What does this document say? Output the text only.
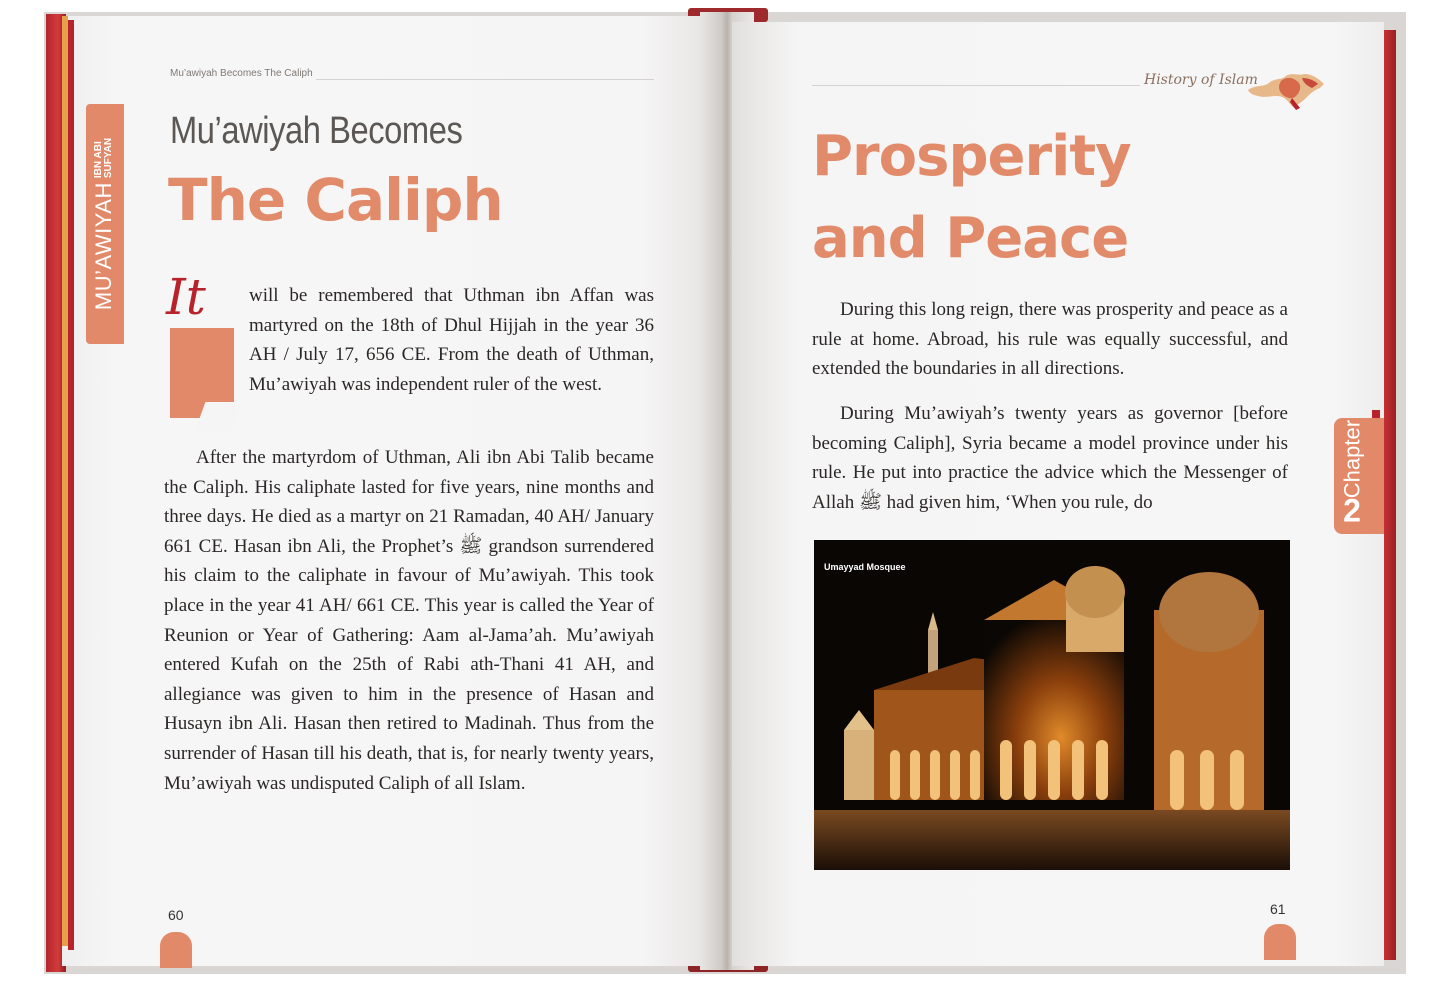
MU’AWIYAH
IBN ABI SUFYAN
Mu’awiyah Becomes The Caliph
Mu’awiyah Becomes
The Caliph
It will be remembered that Uthman ibn Affan was martyred on the 18th of Dhul Hijjah in the year 36 AH / July 17, 656 CE. From the death of Uthman, Mu’awiyah was independent ruler of the west.

After the martyrdom of Uthman, Ali ibn Abi Talib became the Caliph. His caliphate lasted for five years, nine months and three days. He died as a martyr on 21 Ramadan, 40 AH/ January 661 CE. Hasan ibn Ali, the Prophet’s ﷺ grandson surrendered his claim to the caliphate in favour of Mu’awiyah. This took place in the year 41 AH/ 661 CE. This year is called the Year of Reunion or Year of Gathering: Aam al-Jama’ah. Mu’awiyah entered Kufah on the 25th of Rabi ath-Thani 41 AH, and allegiance was given to him in the presence of Hasan and Husayn ibn Ali. Hasan then retired to Madinah. Thus from the surrender of Hasan till his death, that is, for nearly twenty years, Mu’awiyah was undisputed Caliph of all Islam.

60
History of Islam
Prosperity
and Peace

During this long reign, there was prosperity and peace as a rule at home. Abroad, his rule was equally successful, and extended the boundaries in all directions.

During Mu’awiyah’s twenty years as governor [before becoming Caliph], Syria became a model province under his rule. He put into practice the advice which the Messenger of Allah ﷺ had given him, ‘When you rule, do	2
Chapter
Umayyad Mosquee
61
